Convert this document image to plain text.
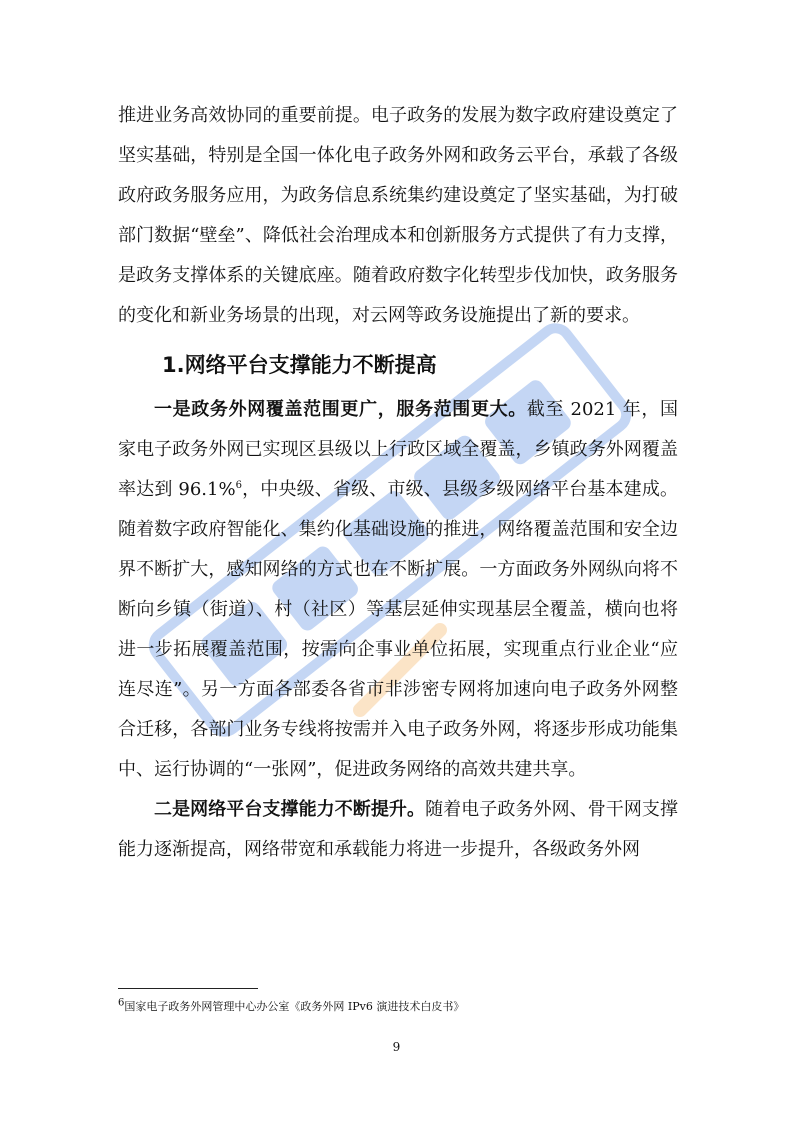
推进业务高效协同的重要前提。电子政务的发展为数字政府建设奠定了坚实基础，特别是全国一体化电子政务外网和政务云平台，承载了各级政府政务服务应用，为政务信息系统集约建设奠定了坚实基础，为打破部门数据“壁垒”、降低社会治理成本和创新服务方式提供了有力支撑，是政务支撑体系的关键底座。随着政府数字化转型步伐加快，政务服务的变化和新业务场景的出现，对云网等政务设施提出了新的要求。

1.网络平台支撑能力不断提高

一是政务外网覆盖范围更广，服务范围更大。截至 2021 年，国家电子政务外网已实现区县级以上行政区域全覆盖，乡镇政务外网覆盖率达到 96.1%$^6$，中央级、省级、市级、县级多级网络平台基本建成。随着数字政府智能化、集约化基础设施的推进，网络覆盖范围和安全边界不断扩大，感知网络的方式也在不断扩展。一方面政务外网纵向将不断向乡镇（街道）、村（社区）等基层延伸实现基层全覆盖，横向也将进一步拓展覆盖范围，按需向企事业单位拓展，实现重点行业企业“应连尽连”。另一方面各部委各省市非涉密专网将加速向电子政务外网整合迁移，各部门业务专线将按需并入电子政务外网，将逐步形成功能集中、运行协调的“一张网”，促进政务网络的高效共建共享。

二是网络平台支撑能力不断提升。随着电子政务外网、骨干网支撑能力逐渐提高，网络带宽和承载能力将进一步提升，各级政务外网

$^6$国家电子政务外网管理中心办公室《政务外网 IPv6 演进技术白皮书》
9
